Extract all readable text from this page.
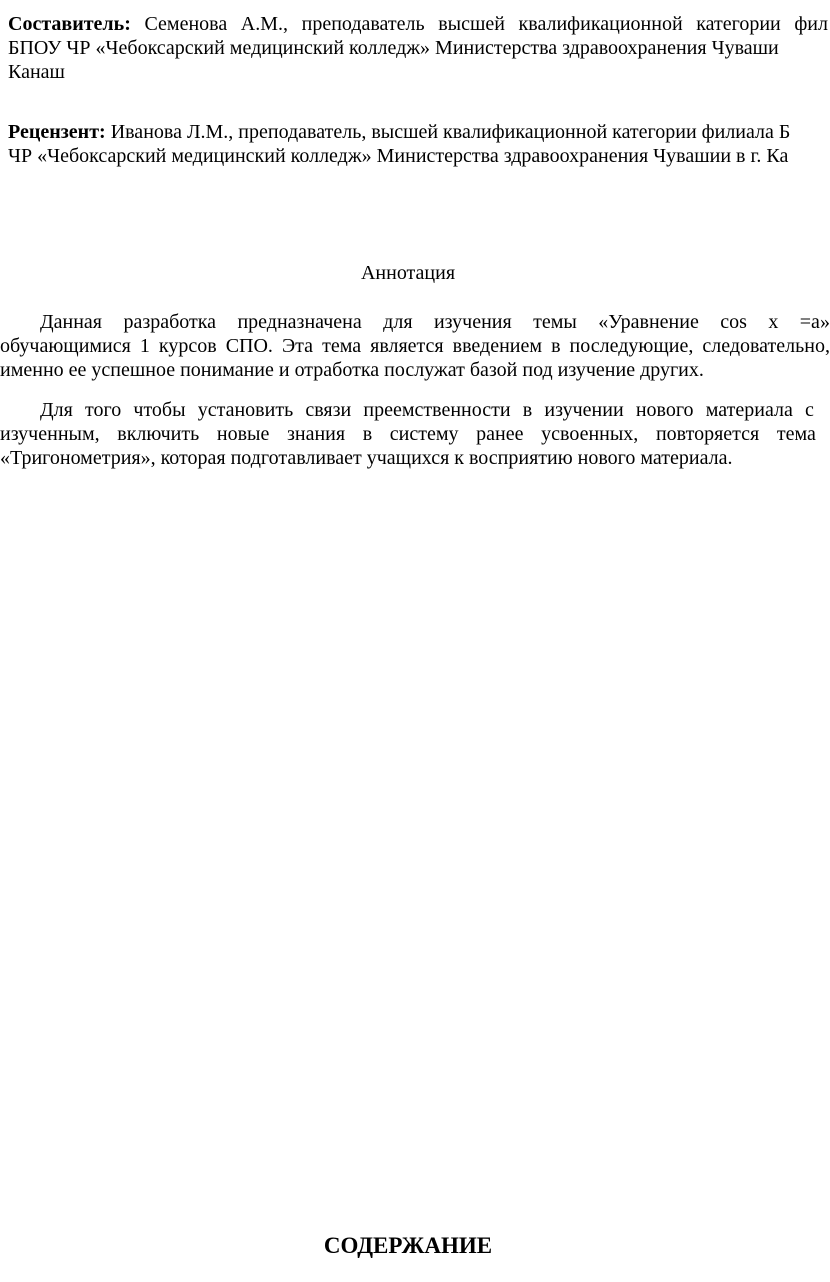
Составитель: Семенова А.М., преподаватель высшей квалификационной категории фил
БПОУ ЧР «Чебоксарский медицинский колледж» Министерства здравоохранения Чуваши
Канаш
Рецензент: Иванова Л.М., преподаватель, высшей квалификационной категории филиала Б
ЧР «Чебоксарский медицинский колледж» Министерства здравоохранения Чувашии в г. Ка
Аннотация
Данная разработка предназначена для изучения темы «Уравнение cos x =a»
обучающимися 1 курсов СПО. Эта тема является введением в последующие, следовательно,
именно ее успешное понимание и отработка послужат базой под изучение других.
Для того чтобы установить связи преемственности в изучении нового материала с
изученным, включить новые знания в систему ранее усвоенных, повторяется тема
«Тригонометрия», которая подготавливает учащихся к восприятию нового материала.
СОДЕРЖАНИЕ
